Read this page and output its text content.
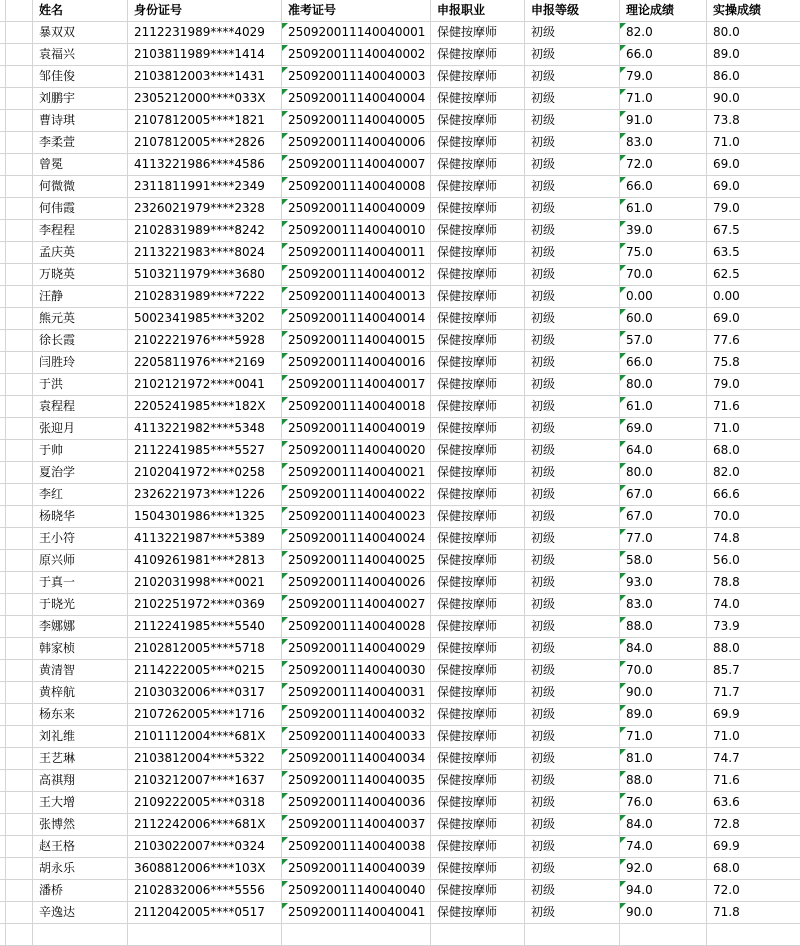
姓名	身份证号	准考证号	申报职业	申报等级	理论成绩	实操成绩
暴双双	2112231989****4029	250920011140040001 保健按摩师	初级	82.0	80.0
袁福兴	2103811989****1414	250920011140040002 保健按摩师	初级	66.0	89.0
邹佳俊	2103812003****1431	250920011140040003 保健按摩师	初级	79.0	86.0
刘鹏宇	2305212000****033X	250920011140040004 保健按摩师	初级	71.0	90.0
曹诗琪	2107812005****1821	250920011140040005 保健按摩师	初级	91.0	73.8
李柔萱	2107812005****2826	250920011140040006 保健按摩师	初级	83.0	71.0
曾冕	4113221986****4586	250920011140040007 保健按摩师	初级	72.0	69.0
何微微	2311811991****2349	250920011140040008 保健按摩师	初级	66.0	69.0
何伟霞	2326021979****2328	250920011140040009 保健按摩师	初级	61.0	79.0
李程程	2102831989****8242	250920011140040010 保健按摩师	初级	39.0	67.5
孟庆英	2113221983****8024	250920011140040011 保健按摩师	初级	75.0	63.5
万晓英	5103211979****3680	250920011140040012 保健按摩师	初级	70.0	62.5
汪静	2102831989****7222	250920011140040013 保健按摩师	初级	0.00	0.00
熊元英	5002341985****3202	250920011140040014 保健按摩师	初级	60.0	69.0
徐长霞	2102221976****5928	250920011140040015 保健按摩师	初级	57.0	77.6
闫胜玲	2205811976****2169	250920011140040016 保健按摩师	初级	66.0	75.8
于洪	2102121972****0041	250920011140040017 保健按摩师	初级	80.0	79.0
袁程程	2205241985****182X	250920011140040018 保健按摩师	初级	61.0	71.6
张迎月	4113221982****5348	250920011140040019 保健按摩师	初级	69.0	71.0
于帅	2112241985****5527	250920011140040020 保健按摩师	初级	64.0	68.0
夏治学	2102041972****0258	250920011140040021 保健按摩师	初级	80.0	82.0
李红	2326221973****1226	250920011140040022 保健按摩师	初级	67.0	66.6
杨晓华	1504301986****1325	250920011140040023 保健按摩师	初级	67.0	70.0
王小符	4113221987****5389	250920011140040024 保健按摩师	初级	77.0	74.8
原兴师	4109261981****2813	250920011140040025 保健按摩师	初级	58.0	56.0
于真一	2102031998****0021	250920011140040026 保健按摩师	初级	93.0	78.8
于晓光	2102251972****0369	250920011140040027 保健按摩师	初级	83.0	74.0
李娜娜	2112241985****5540	250920011140040028 保健按摩师	初级	88.0	73.9
韩家桢	2102812005****5718	250920011140040029 保健按摩师	初级	84.0	88.0
黄清智	2114222005****0215	250920011140040030 保健按摩师	初级	70.0	85.7
黄梓航	2103032006****0317	250920011140040031 保健按摩师	初级	90.0	71.7
杨东来	2107262005****1716	250920011140040032 保健按摩师	初级	89.0	69.9
刘礼维	2101112004****681X	250920011140040033 保健按摩师	初级	71.0	71.0
王艺琳	2103812004****5322	250920011140040034 保健按摩师	初级	81.0	74.7
高祺翔	2103212007****1637	250920011140040035 保健按摩师	初级	88.0	71.6
王大增	2109222005****0318	250920011140040036 保健按摩师	初级	76.0	63.6
张博然	2112242006****681X	250920011140040037 保健按摩师	初级	84.0	72.8
赵王格	2103022007****0324	250920011140040038 保健按摩师	初级	74.0	69.9
胡永乐	3608812006****103X	250920011140040039 保健按摩师	初级	92.0	68.0
潘桥	2102832006****5556	250920011140040040 保健按摩师	初级	94.0	72.0
辛逸达	2112042005****0517	250920011140040041 保健按摩师	初级	90.0	71.8
